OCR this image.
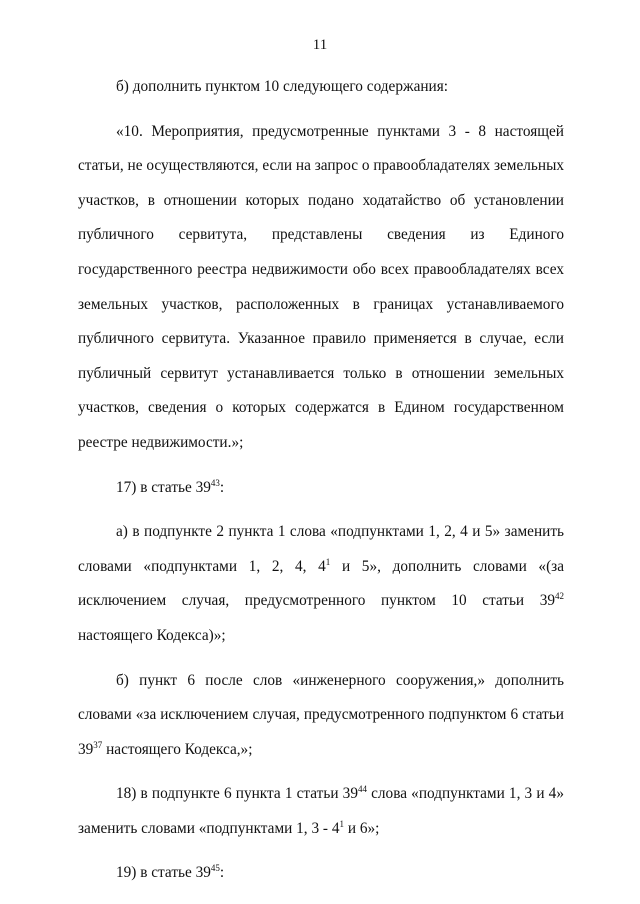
11

б) дополнить пунктом 10 следующего содержания:

«10. Мероприятия, предусмотренные пунктами 3 - 8 настоящей статьи, не осуществляются, если на запрос о правообладателях земельных участков, в отношении которых подано ходатайство об установлении публичного сервитута, представлены сведения из Единого государственного реестра недвижимости обо всех правообладателях всех земельных участков, расположенных в границах устанавливаемого публичного сервитута. Указанное правило применяется в случае, если публичный сервитут устанавливается только в отношении земельных участков, сведения о которых содержатся в Едином государственном реестре недвижимости.»;

17) в статье $39^{43}$:

а) в подпункте 2 пункта 1 слова «подпунктами 1, 2, 4 и 5» заменить словами «подпунктами 1, 2, 4, $4^1$ и 5», дополнить словами «(за исключением случая, предусмотренного пунктом 10 статьи $39^{42}$ настоящего Кодекса)»;

б) пункт 6 после слов «инженерного сооружения,» дополнить словами «за исключением случая, предусмотренного подпунктом 6 статьи $39^{37}$ настоящего Кодекса,»;

18) в подпункте 6 пункта 1 статьи $39^{44}$ слова «подпунктами 1, 3 и 4» заменить словами «подпунктами 1, $3 - 4^1$ и 6»;

19) в статье $39^{45}$:
